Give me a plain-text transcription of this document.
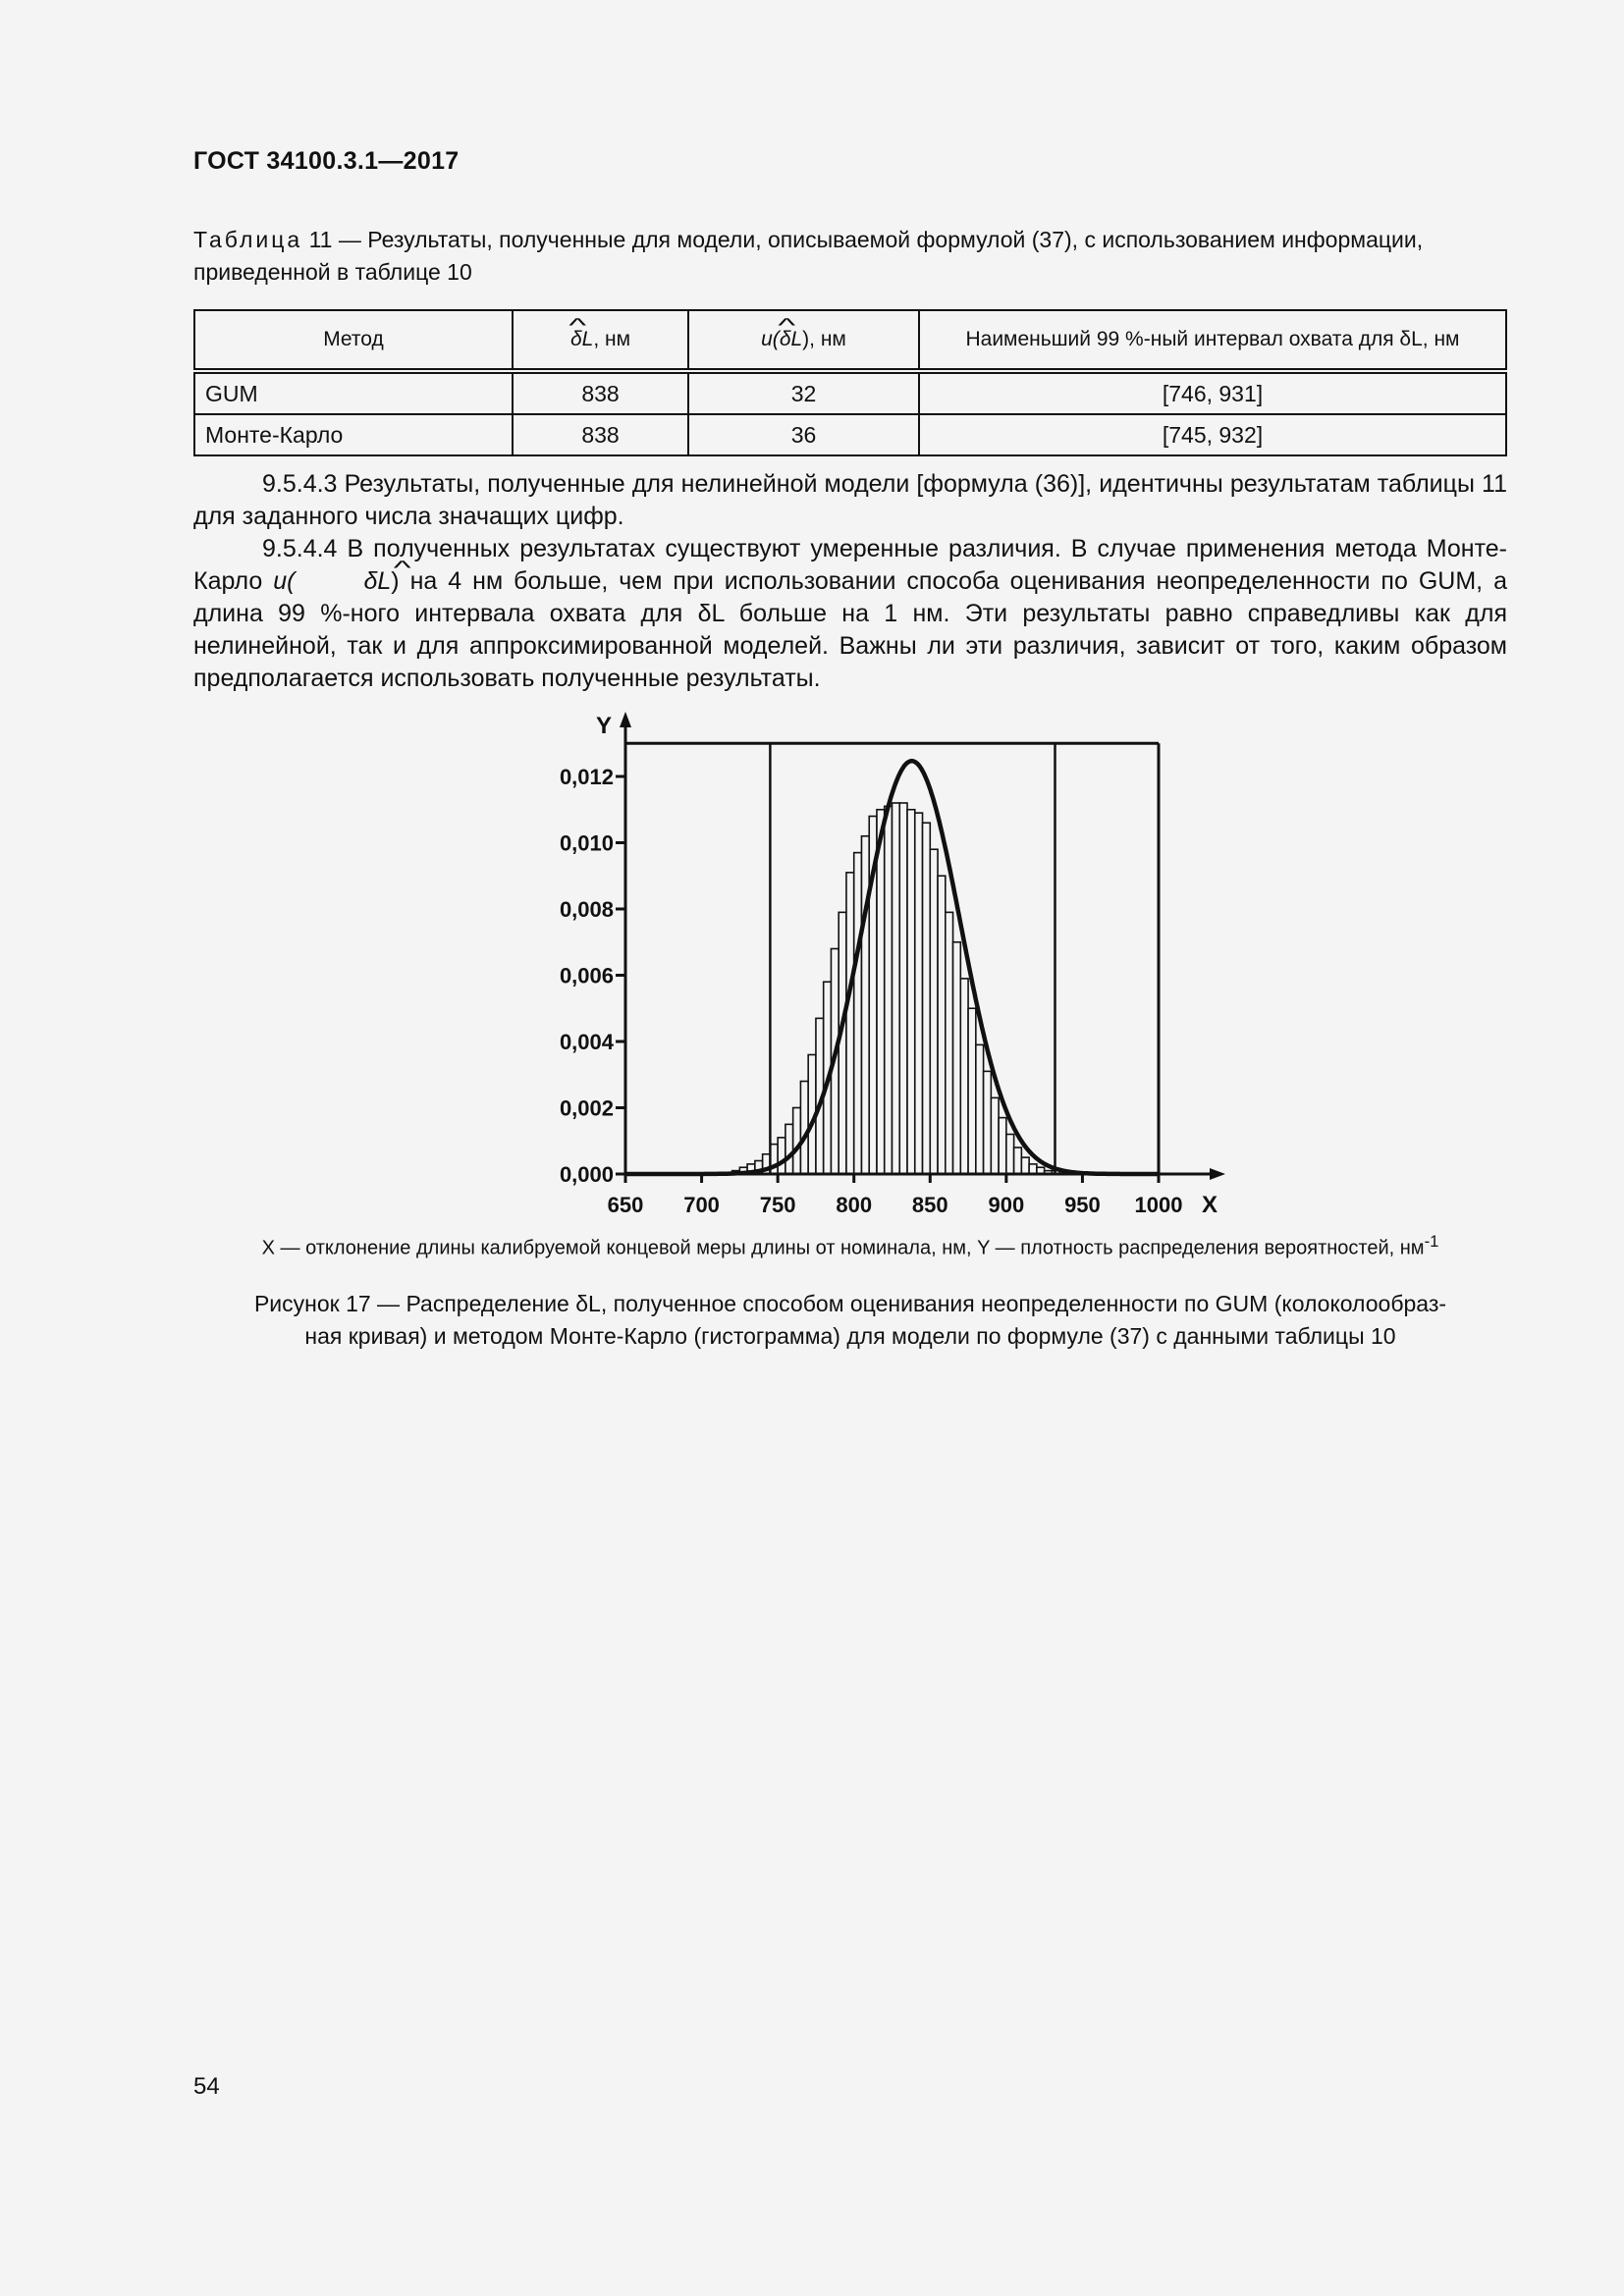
ГОСТ 34100.3.1—2017
Таблица 11 — Результаты, полученные для модели, описываемой формулой (37), с использованием информации, приведенной в таблице 10
Метод	^ δL, нм	u(^ δL), нм	Наименьший 99 %-ный интервал охвата для δL, нм
GUM	838	32	[746, 931]
Монте-Карло	838	36	[745, 932]

9.5.4.3 Результаты, полученные для нелинейной модели [формула (36)], идентичны результатам таблицы 11 для заданного числа значащих цифр.

9.5.4.4 В полученных результатах существуют умеренные различия. В случае применения метода Монте-Карло u(	^ δL) на 4 нм больше, чем при использовании способа оценивания неопределенности по GUM, а длина 99 %-ного интервала охвата для δL больше на 1 нм. Эти результаты равно справедливы как для нелинейной, так и для аппроксимированной моделей. Важны ли эти различия, зависит от того, каким образом предполагается использовать полученные результаты.

0,000
0,002
0,004
0,006
0,008
0,010
0,012
650 700 750 800 850 900 950 1000 X
Y
X — отклонение длины калибруемой концевой меры длины от номинала, нм, Y — плотность распределения вероятностей, $нм^{-1}$
Рисунок 17 — Распределение δL, полученное способом оценивания неопределенности по GUM (колоколообраз-
ная кривая) и методом Монте-Карло (гистограмма) для модели по формуле (37) с данными таблицы 10
54
